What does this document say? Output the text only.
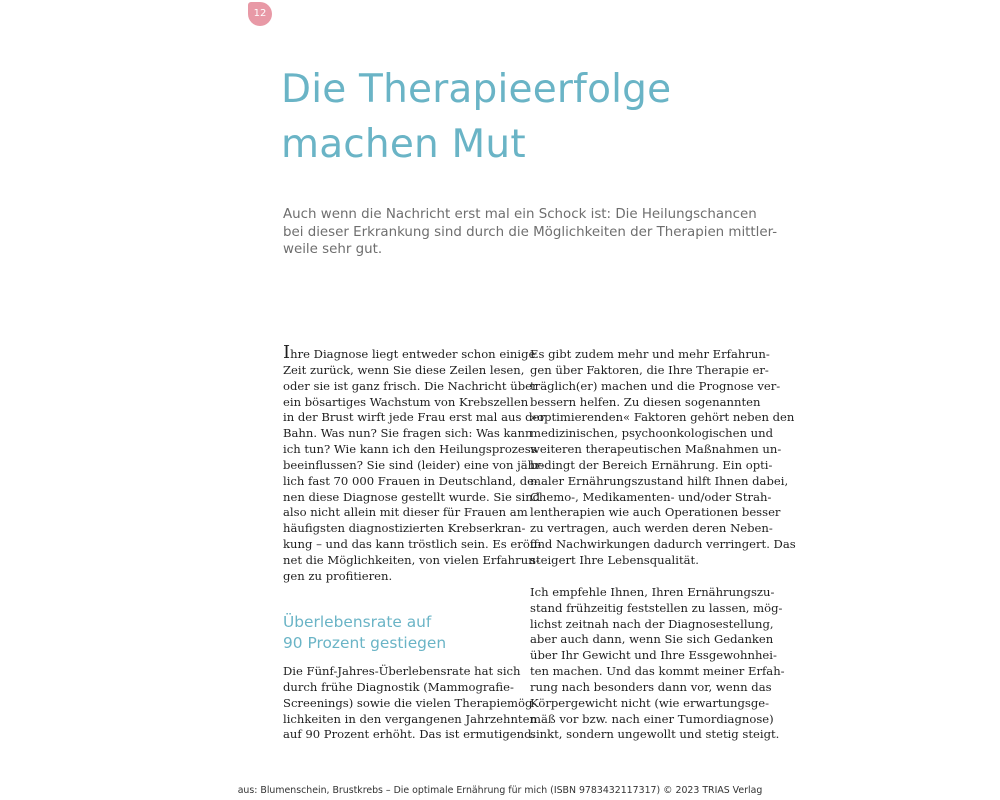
12
Die Therapieerfolge
machen Mut

Auch wenn die Nachricht erst mal ein Schock ist: Die Heilungschancen
bei dieser Erkrankung sind durch die Möglichkeiten der Therapien mittler-
weile sehr gut.

Ihre Diagnose liegt entweder schon einige
Zeit zurück, wenn Sie diese Zeilen lesen,
oder sie ist ganz frisch. Die Nachricht über
ein bösartiges Wachstum von Krebszellen
in der Brust wirft jede Frau erst mal aus der
Bahn. Was nun? Sie fragen sich: Was kann
ich tun? Wie kann ich den Heilungsprozess
beeinflussen? Sie sind (leider) eine von jähr-
lich fast 70 000 Frauen in Deutschland, de-
nen diese Diagnose gestellt wurde. Sie sind
also nicht allein mit dieser für Frauen am
häufigsten diagnostizierten Krebserkran-
kung – und das kann tröstlich sein. Es eröff-
net die Möglichkeiten, von vielen Erfahrun-
gen zu profitieren.

Überlebensrate auf
90 Prozent gestiegen

Die Fünf-Jahres-Überlebensrate hat sich
durch frühe Diagnostik (Mammografie-
Screenings) sowie die vielen Therapiemög-
lichkeiten in den vergangenen Jahrzehnten
auf 90 Prozent erhöht. Das ist ermutigend.

Es gibt zudem mehr und mehr Erfahrun-
gen über Faktoren, die Ihre Therapie er-
träglich(er) machen und die Prognose ver-
bessern helfen. Zu diesen sogenannten
»optimierenden« Faktoren gehört neben den
medizinischen, psychoonkologischen und
weiteren therapeutischen Maßnahmen un-
bedingt der Bereich Ernährung. Ein opti-
maler Ernährungszustand hilft Ihnen dabei,
Chemo-, Medikamenten- und/oder Strah-
lentherapien wie auch Operationen besser
zu vertragen, auch werden deren Neben-
und Nachwirkungen dadurch verringert. Das
steigert Ihre Lebensqualität.

Ich empfehle Ihnen, Ihren Ernährungszu-
stand frühzeitig feststellen zu lassen, mög-
lichst zeitnah nach der Diagnosestellung,
aber auch dann, wenn Sie sich Gedanken
über Ihr Gewicht und Ihre Essgewohnhei-
ten machen. Und das kommt meiner Erfah-
rung nach besonders dann vor, wenn das
Körpergewicht nicht (wie erwartungsge-
mäß vor bzw. nach einer Tumordiagnose)
sinkt, sondern ungewollt und stetig steigt.

aus: Blumenschein, Brustkrebs – Die optimale Ernährung für mich (ISBN 9783432117317) © 2023 TRIAS Verlag
